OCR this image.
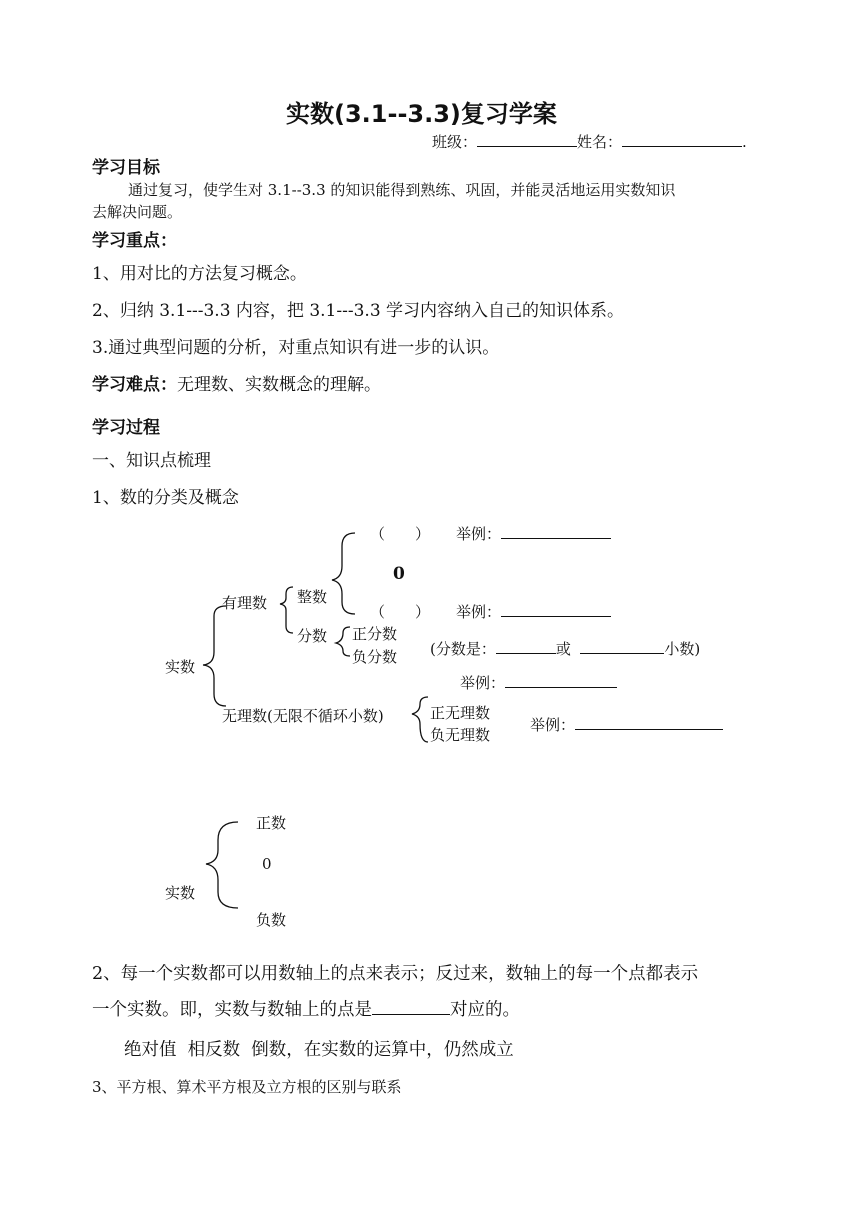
实数(3.1--3.3)复习学案
班级：	姓名：	.
学习目标
通过复习，使学生对 3.1--3.3 的知识能得到熟练、巩固，并能灵活地运用实数知识
去解决问题。
学习重点：
1、用对比的方法复习概念。
2、归纳 3.1---3.3 内容，把 3.1---3.3 学习内容纳入自己的知识体系。
3.通过典型问题的分析，对重点知识有进一步的认识。
学习难点：无理数、实数概念的理解。
学习过程
一、知识点梳理
1、数的分类及概念
（　　） 举例：
0
（　　） 举例：
有理数 整数
分数 正分数
负分数 (分数是：	或	小数)
举例：
实数
无理数(无限不循环小数)	正无理数
负无理数
举例：
正数
0
实数
负数
2、每一个实数都可以用数轴上的点来表示；反过来，数轴上的每一个点都表示
一个实数。即，实数与数轴上的点是	对应的。
绝对值  相反数  倒数，在实数的运算中，仍然成立
3、平方根、算术平方根及立方根的区别与联系
